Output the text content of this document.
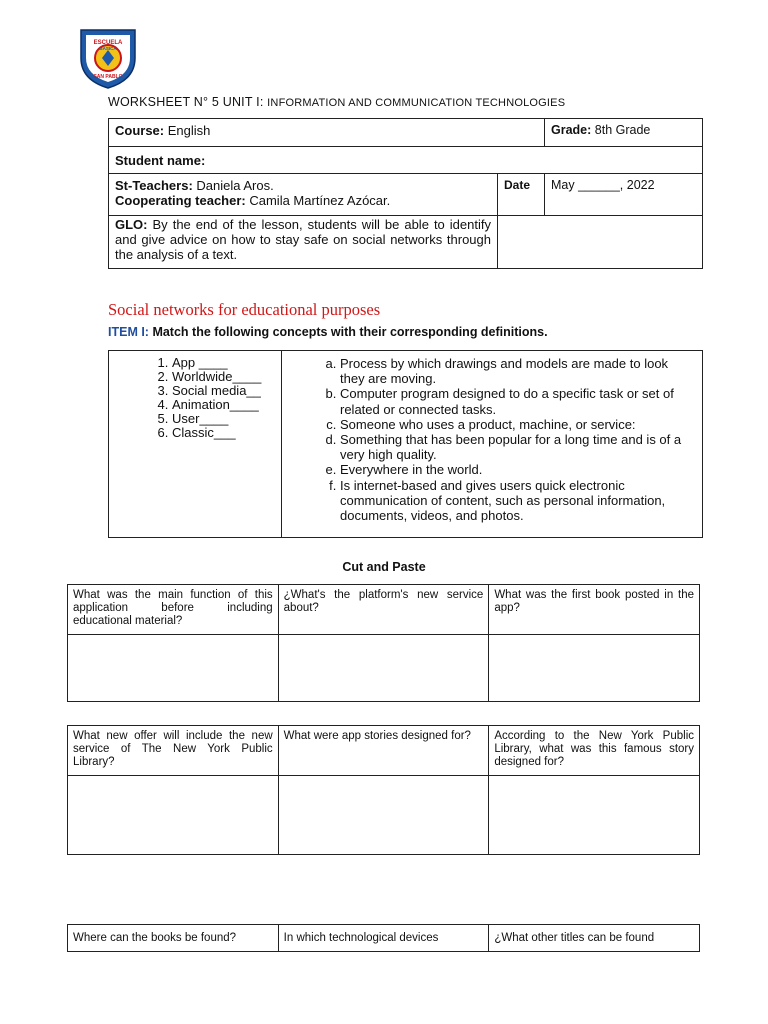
ESCUELA
BÁSICA
SAN PABLO
WORKSHEET N° 5 UNIT I: INFORMATION AND COMMUNICATION TECHNOLOGIES
Course: English		Grade: 8th Grade
Student name:		

St-Teachers: Daniela Aros.
Cooperating teacher: Camila Martínez Azócar.	Date	May ______, 2022
GLO: By the end of the lesson, students will be able to identify and give advice on how to stay safe on social networks through the analysis of a text.		
Social networks for educational purposes
ITEM I: Match the following concepts with their corresponding definitions.
1. App ____
2. Worldwide____
3. Social media__
4. Animation____
5. User____
6. Classic___

a. Process by which drawings and models are made to look they are moving.
b. Computer program designed to do a specific task or set of related or connected tasks.
c. Someone who uses a product, machine, or service:
d. Something that has been popular for a long time and is of a very high quality.
e. Everywhere in the world.
f. Is internet-based and gives users quick electronic communication of content, such as personal information, documents, videos, and photos.
Cut and Paste
What was the main function of this application before including educational material?	¿What's the platform's new service about?	What was the first book posted in the app?

What new offer will include the new service of The New York Public Library?	What were app stories designed for?	According to the New York Public Library, what was this famous story designed for?

Where can the books be found?	In which technological devices	¿What other titles can be found
